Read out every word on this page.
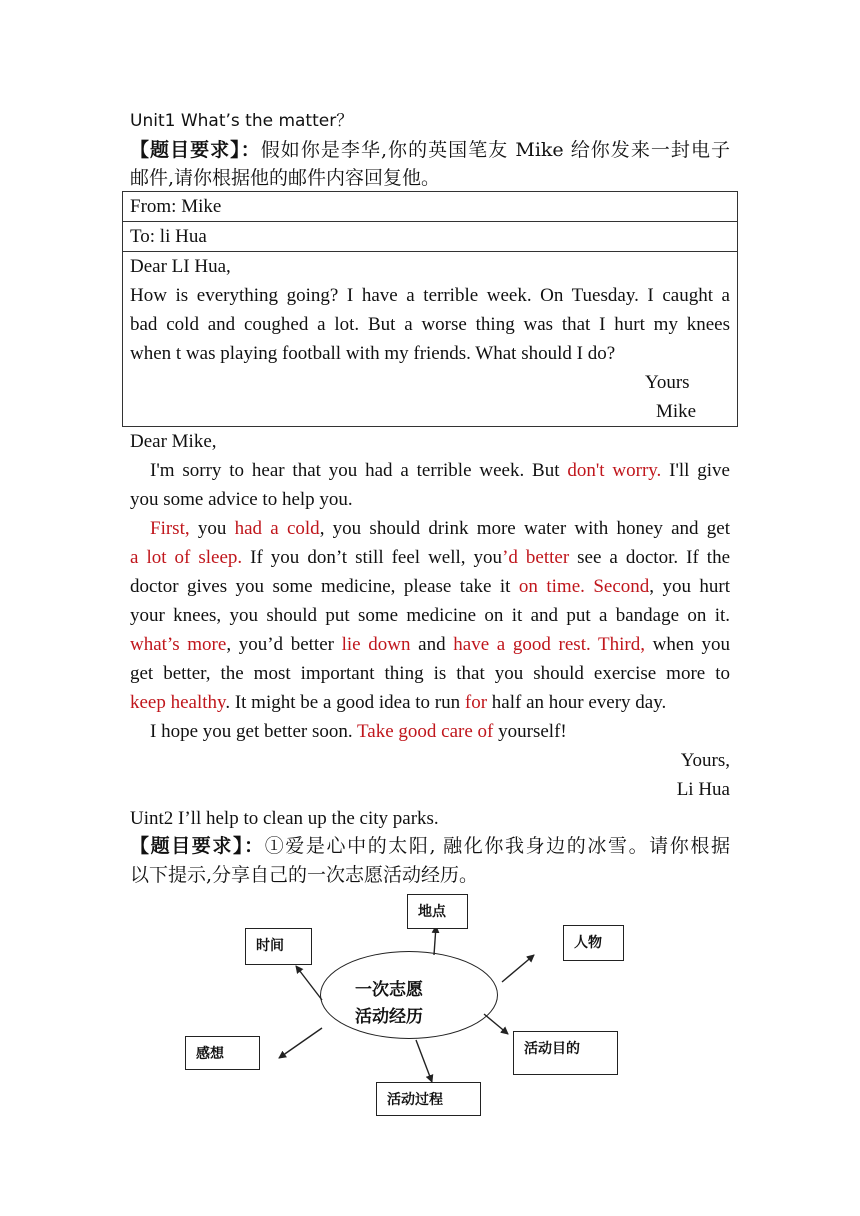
Unit1 What’s the matter？
【题目要求】：假如你是李华,你的英国笔友 Mike 给你发来一封电子
邮件,请你根据他的邮件内容回复他。
From: Mike
To: li Hua

Dear LI Hua,
How is everything going? I have a terrible week. On Tuesday. I caught a
bad cold and coughed a lot. But a worse thing was that I hurt my knees
when t was playing football with my friends. What should I do?
Yours
Mike
Dear Mike,
I'm sorry to hear that you had a terrible week. But don't worry. I'll give
you some advice to help you.
First, you had a cold, you should drink more water with honey and get
a lot of sleep. If you don’t still feel well, you’d better see a doctor. If the
doctor gives you some medicine, please take it on time. Second, you hurt
your knees, you should put some medicine on it and put a bandage on it.
what’s more, you’d better lie down and have a good rest. Third, when you
get better, the most important thing is that you should exercise more to
keep healthy. It might be a good idea to run for half an hour every day.
I hope you get better soon. Take good care of yourself!
Yours,
Li Hua
Uint2 I’ll help to clean up the city parks.
【题目要求】：①爱是心中的太阳, 融化你我身边的冰雪。请你根据
以下提示,分享自己的一次志愿活动经历。
一次志愿
活动经历
地点
时间	人物
感想	活动目的
活动过程
